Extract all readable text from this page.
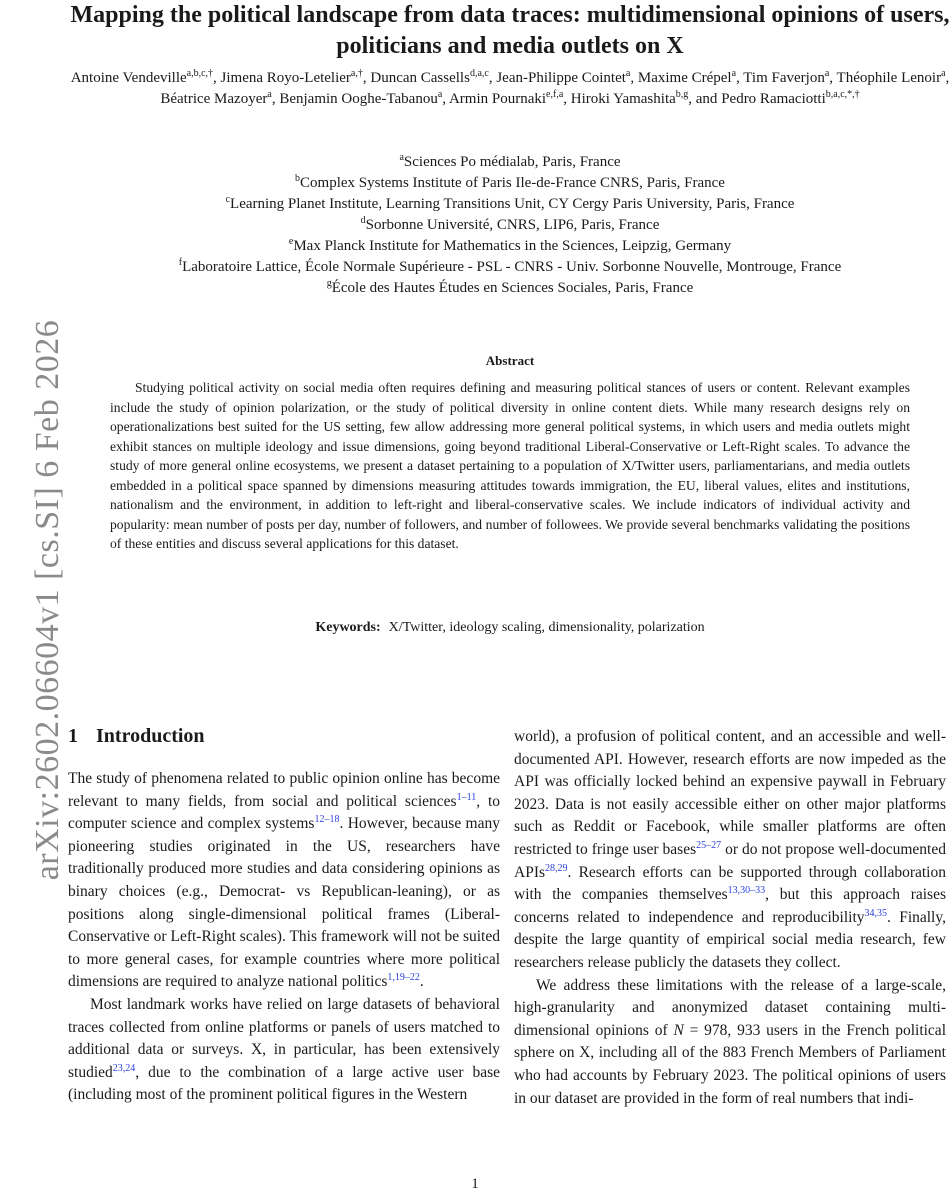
arXiv:2602.06604v1 [cs.SI] 6 Feb 2026
Mapping the political landscape from data traces: multidimensional opinions of users, politicians and media outlets on X
Antoine Vendeville$^{a,b,c,\dagger}$, Jimena Royo-Letelier$^{a,\dagger}$, Duncan Cassells$^{d,a,c}$, Jean-Philippe Cointet$^a$, Maxime Crépel$^a$, Tim Faverjon$^a$, Théophile Lenoir$^a$, Béatrice Mazoyer$^a$, Benjamin Ooghe-Tabanou$^a$, Armin Pournaki$^{e,f,a}$, Hiroki Yamashita$^{b,g}$, and Pedro Ramaciotti$^{b,a,c,*,\dagger}$
$^a$Sciences Po médialab, Paris, France
$^b$Complex Systems Institute of Paris Ile-de-France CNRS, Paris, France
$^c$Learning Planet Institute, Learning Transitions Unit, CY Cergy Paris University, Paris, France
$^d$Sorbonne Université, CNRS, LIP6, Paris, France
$^e$Max Planck Institute for Mathematics in the Sciences, Leipzig, Germany
$^f$Laboratoire Lattice, École Normale Supérieure - PSL - CNRS - Univ. Sorbonne Nouvelle, Montrouge, France
$^g$École des Hautes Études en Sciences Sociales, Paris, France
Abstract
Studying political activity on social media often requires defining and measuring political stances of users or content. Relevant examples include the study of opinion polarization, or the study of political diversity in online content diets. While many research designs rely on operationalizations best suited for the US setting, few allow addressing more general political systems, in which users and media outlets might exhibit stances on multiple ideology and issue dimensions, going beyond traditional Liberal-Conservative or Left-Right scales. To advance the study of more general online ecosystems, we present a dataset pertaining to a population of X/Twitter users, parliamentarians, and media outlets embedded in a political space spanned by dimensions measuring attitudes towards immigration, the EU, liberal values, elites and institutions, nationalism and the environment, in addition to left-right and liberal-conservative scales. We include indicators of individual activity and popularity: mean number of posts per day, number of followers, and number of followees. We provide several benchmarks validating the positions of these entities and discuss several applications for this dataset.
Keywords: X/Twitter, ideology scaling, dimensionality, polarization
1 Introduction

The study of phenomena related to public opinion online has become relevant to many fields, from social and political sciences$^{1-11}$, to computer science and complex systems$^{12-18}$. However, because many pioneering studies originated in the US, researchers have traditionally produced more studies and data considering opinions as binary choices (e.g., Democrat- vs Republican-leaning), or as positions along single-dimensional political frames (Liberal-Conservative or Left-Right scales). This framework will not be suited to more general cases, for example countries where more political dimensions are required to analyze national politics$^{1,19-22}$.

Most landmark works have relied on large datasets of behavioral traces collected from online platforms or panels of users matched to additional data or surveys. X, in particular, has been extensively studied$^{23,24}$, due to the combination of a large active user base (including most of the prominent political figures in the Western

world), a profusion of political content, and an accessible and well-documented API. However, research efforts are now impeded as the API was officially locked behind an expensive paywall in February 2023. Data is not easily accessible either on other major platforms such as Reddit or Facebook, while smaller platforms are often restricted to fringe user bases$^{25-27}$ or do not propose well-documented APIs$^{28,29}$. Research efforts can be supported through collaboration with the companies themselves$^{13,30-33}$, but this approach raises concerns related to independence and reproducibility$^{34,35}$. Finally, despite the large quantity of empirical social media research, few researchers release publicly the datasets they collect.

We address these limitations with the release of a large-scale, high-granularity and anonymized dataset containing multi-dimensional opinions of N = 978, 933 users in the French political sphere on X, including all of the 883 French Members of Parliament who had accounts by February 2023. The political opinions of users in our dataset are provided in the form of real numbers that indi-

1
